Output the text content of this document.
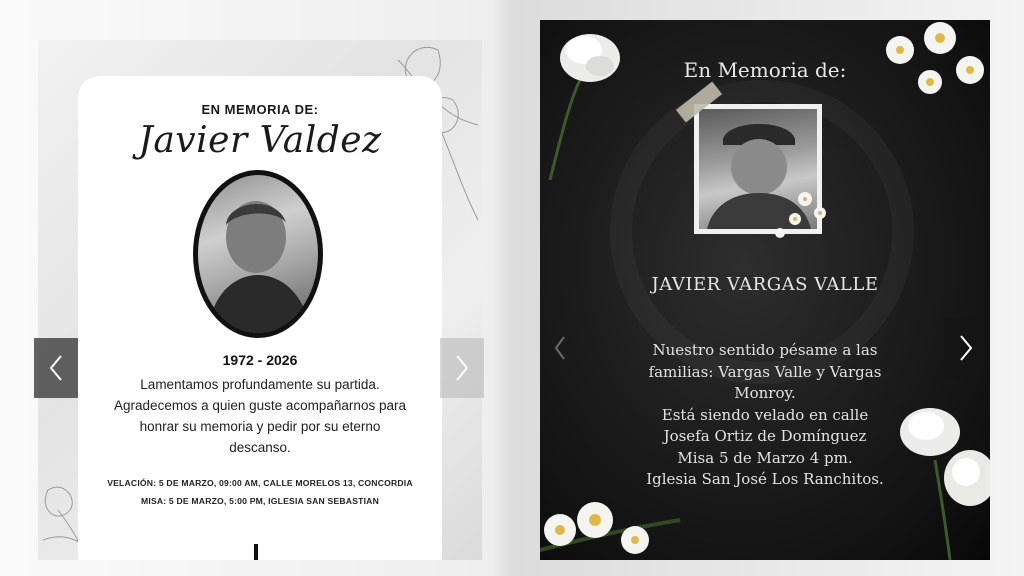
EN MEMORIA DE:
Javier Valdez
1972 - 2026
Lamentamos profundamente su partida.
Agradecemos a quien guste acompañarnos para
honrar su memoria y pedir por su eterno
descanso.
VELACIÓN: 5 DE MARZO, 09:00 AM, CALLE MORELOS 13, CONCORDIA
MISA: 5 DE MARZO, 5:00 PM, IGLESIA SAN SEBASTIAN
En Memoria de:
JAVIER VARGAS VALLE
Nuestro sentido pésame a las
familias: Vargas Valle y Vargas
Monroy.
Está siendo velado en calle
Josefa Ortiz de Domínguez
Misa 5 de Marzo 4 pm.
Iglesia San José Los Ranchitos.
